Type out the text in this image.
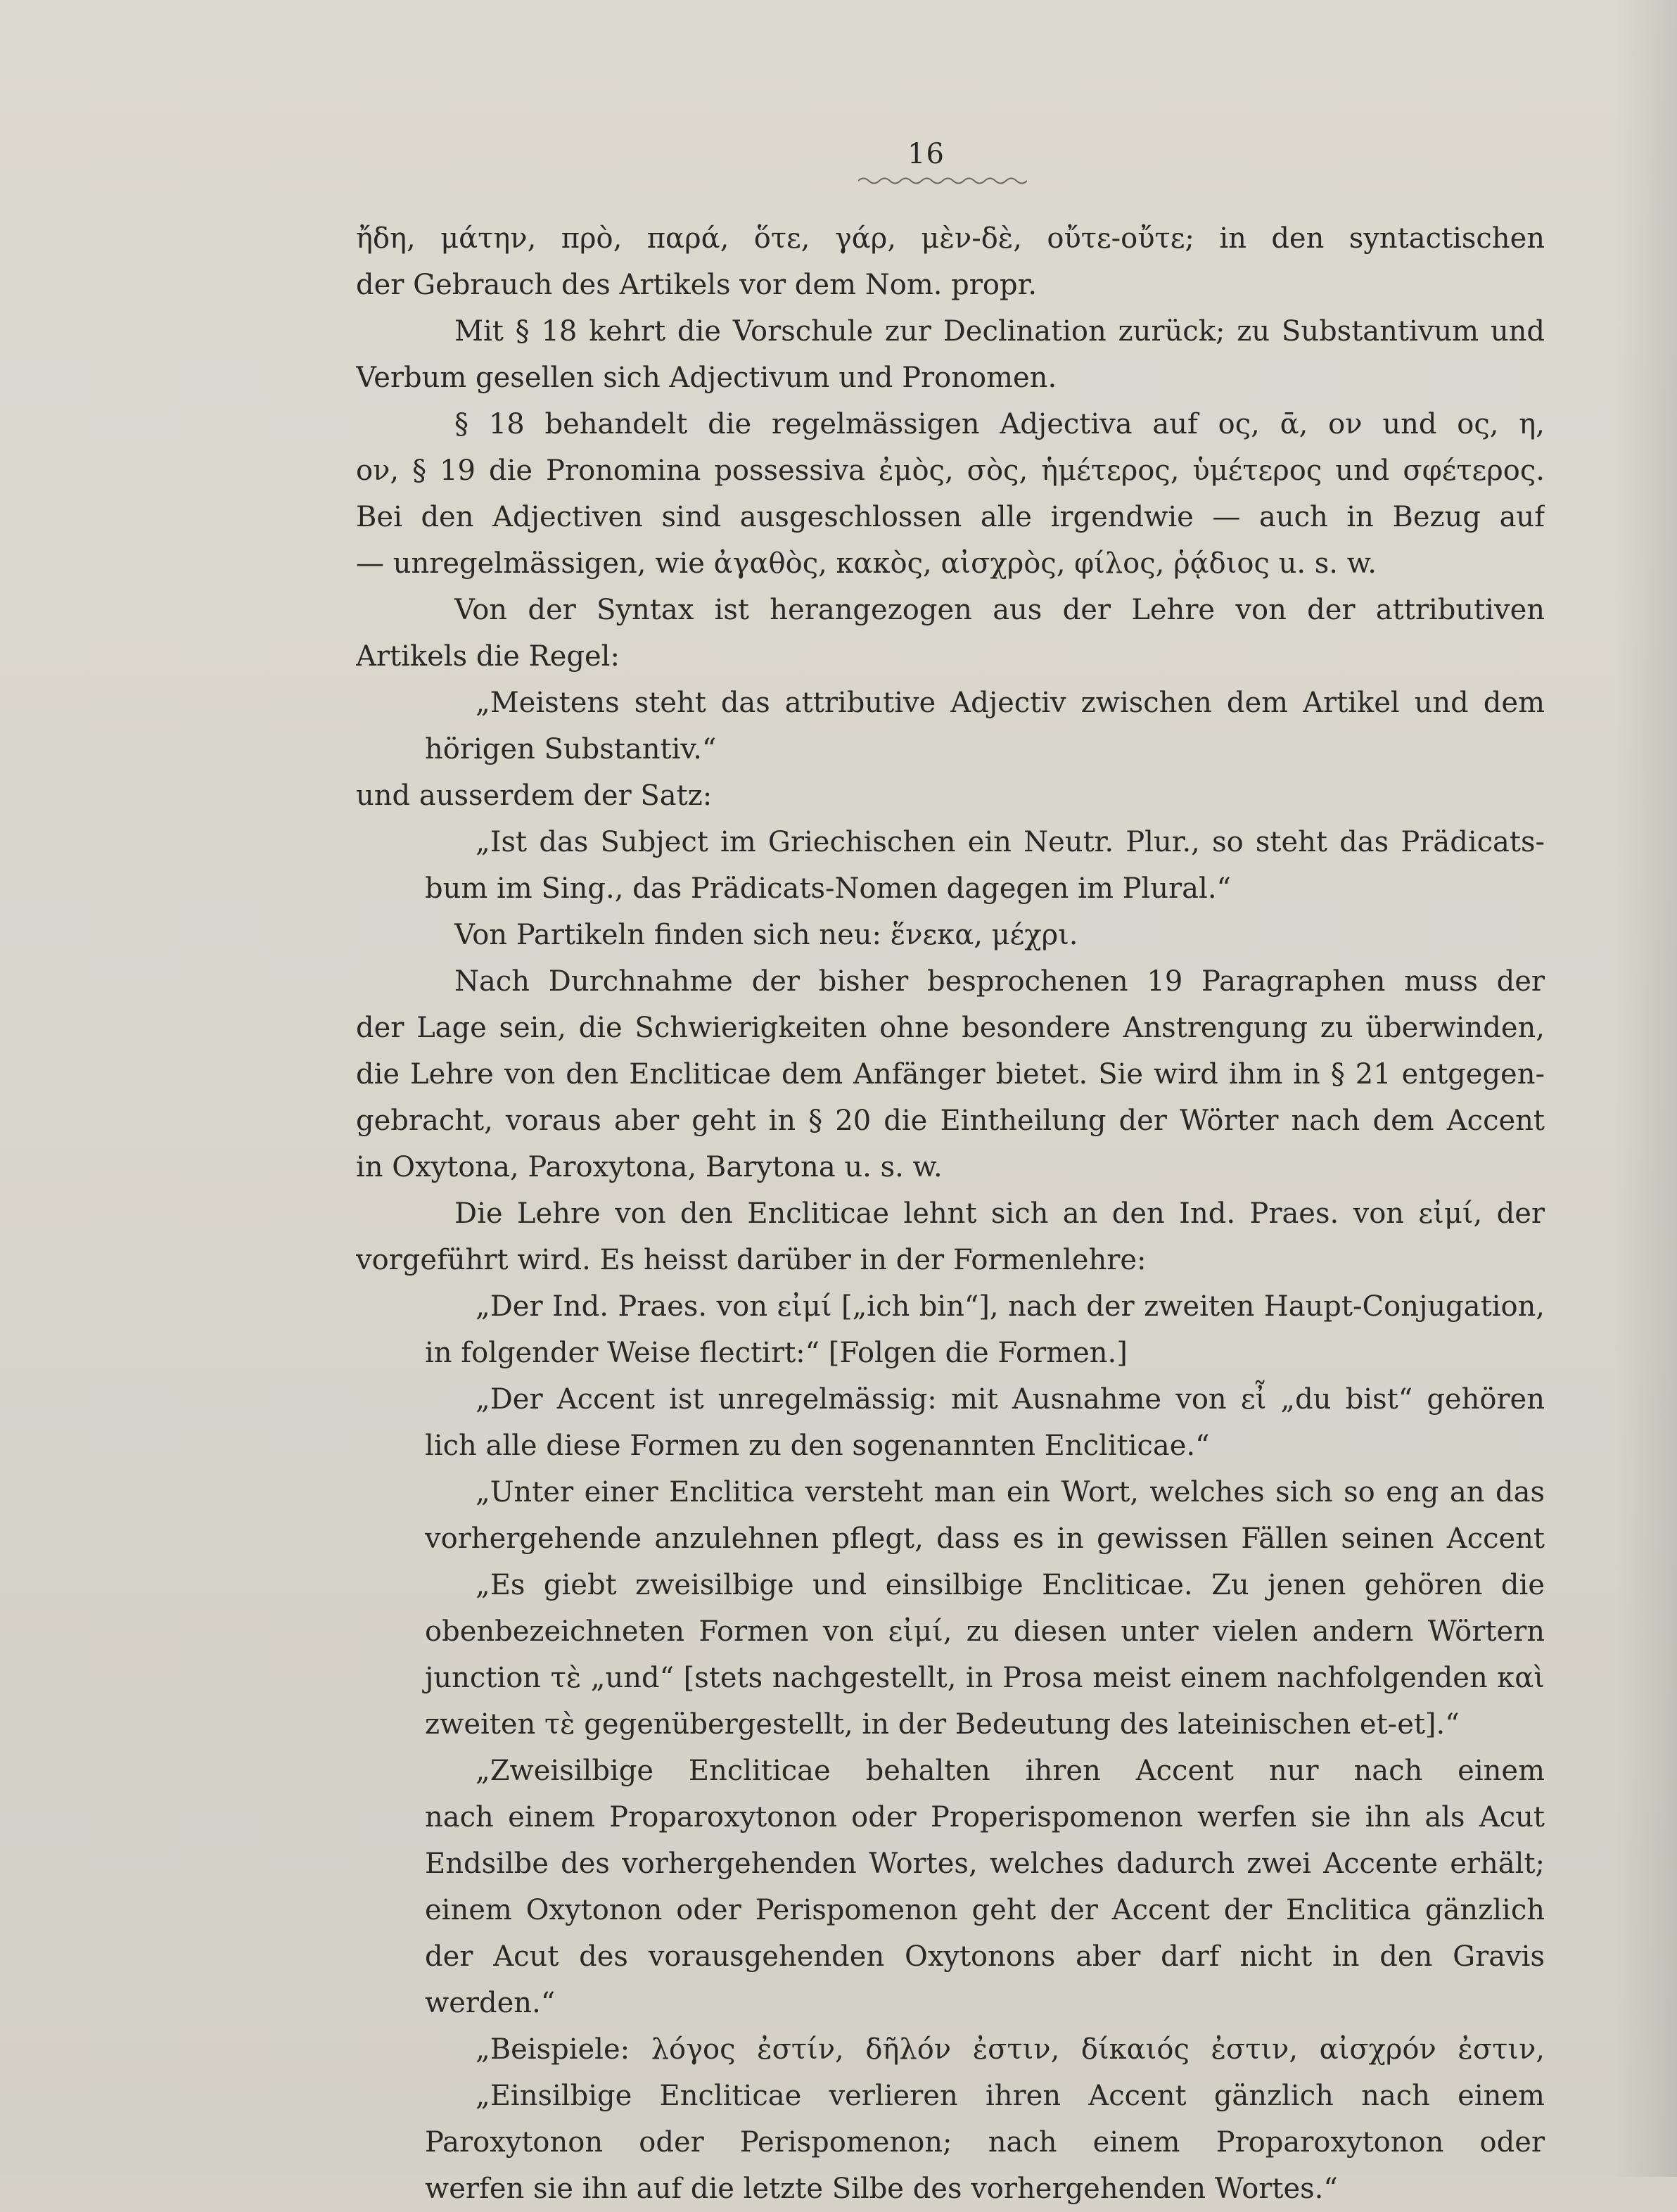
16
ἤδη, μάτην, πρὸ, παρά, ὅτε, γάρ, μὲν-δὲ, οὔτε-οὔτε; in den syntactischen
der Gebrauch des Artikels vor dem Nom. propr.
Mit § 18 kehrt die Vorschule zur Declination zurück; zu Substantivum und
Verbum gesellen sich Adjectivum und Pronomen.
§ 18 behandelt die regelmässigen Adjectiva auf ος, ᾱ, ον und ος, η,
ον, § 19 die Pronomina possessiva ἐμὸς, σὸς, ἡμέτερος, ὑμέτερος und σφέτερος.
Bei den Adjectiven sind ausgeschlossen alle irgendwie — auch in Bezug auf
— unregelmässigen, wie ἀγαθὸς, κακὸς, αἰσχρὸς, φίλος, ῥᾴδιος u. s. w.
Von der Syntax ist herangezogen aus der Lehre von der attributiven
Artikels die Regel:
„Meistens steht das attributive Adjectiv zwischen dem Artikel und dem
hörigen Substantiv.“
und ausserdem der Satz:
„Ist das Subject im Griechischen ein Neutr. Plur., so steht das Prädicats-
bum im Sing., das Prädicats-Nomen dagegen im Plural.“
Von Partikeln finden sich neu: ἕνεκα, μέχρι.
Nach Durchnahme der bisher besprochenen 19 Paragraphen muss der
der Lage sein, die Schwierigkeiten ohne besondere Anstrengung zu überwinden,
die Lehre von den Encliticae dem Anfänger bietet. Sie wird ihm in § 21 entgegen-
gebracht, voraus aber geht in § 20 die Eintheilung der Wörter nach dem Accent
in Oxytona, Paroxytona, Barytona u. s. w.
Die Lehre von den Encliticae lehnt sich an den Ind. Praes. von εἰμί, der
vorgeführt wird. Es heisst darüber in der Formenlehre:
„Der Ind. Praes. von εἰμί [„ich bin“], nach der zweiten Haupt-Conjugation,
in folgender Weise flectirt:“ [Folgen die Formen.]
„Der Accent ist unregelmässig: mit Ausnahme von εἶ „du bist“ gehören
lich alle diese Formen zu den sogenannten Encliticae.“
„Unter einer Enclitica versteht man ein Wort, welches sich so eng an das
vorhergehende anzulehnen pflegt, dass es in gewissen Fällen seinen Accent
„Es giebt zweisilbige und einsilbige Encliticae. Zu jenen gehören die
obenbezeichneten Formen von εἰμί, zu diesen unter vielen andern Wörtern
junction τὲ „und“ [stets nachgestellt, in Prosa meist einem nachfolgenden καὶ
zweiten τὲ gegenübergestellt, in der Bedeutung des lateinischen et-et].“
„Zweisilbige Encliticae behalten ihren Accent nur nach einem
nach einem Proparoxytonon oder Properispomenon werfen sie ihn als Acut
Endsilbe des vorhergehenden Wortes, welches dadurch zwei Accente erhält;
einem Oxytonon oder Perispomenon geht der Accent der Enclitica gänzlich
der Acut des vorausgehenden Oxytonons aber darf nicht in den Gravis
werden.“
„Beispiele: λόγος ἐστίν, δῆλόν ἐστιν, δίκαιός ἐστιν, αἰσχρόν ἐστιν,
„Einsilbige Encliticae verlieren ihren Accent gänzlich nach einem
Paroxytonon oder Perispomenon; nach einem Proparoxytonon oder
werfen sie ihn auf die letzte Silbe des vorhergehenden Wortes.“
